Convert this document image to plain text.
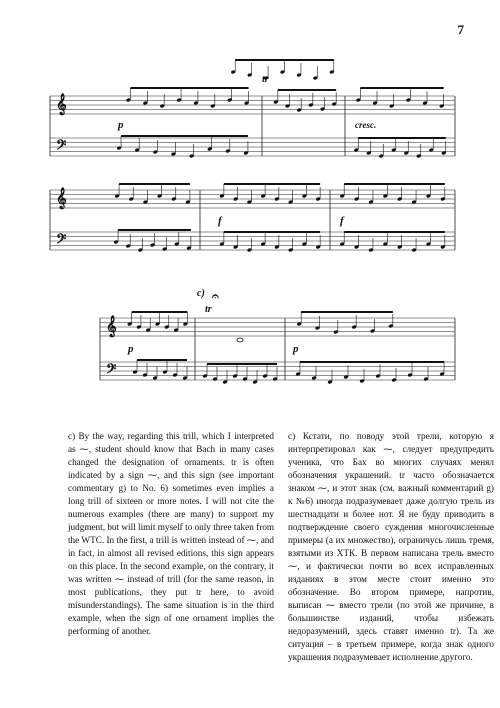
7
𝄞
𝄢
p	cresc.
tr
𝄞
𝄢
f	f
c)
𝄞
𝄢
tr
𝄐
p	p

c) By the way, regarding this trill, which I interpreted as ⁓, student should know that Bach in many cases changed the designation of ornaments. tr is often indicated by a sign ⁓, and this sign (see important commentary g) to No. 6) sometimes even implies a long trill of sixteen or more notes. I will not cite the numerous examples (there are many) to support my judgment, but will limit myself to only three taken from the WTC. In the first, a trill is written instead of ⁓, and in fact, in almost all revised editions, this sign appears on this place. In the second example, on the contrary, it was written ⁓ instead of trill (for the same reason, in most publications, they put tr here, to avoid misunderstandings). The same situation is in the third example, when the sign of one ornament implies the performing of another.

c) Кстати, по поводу этой трели, которую я интерпретировал как ⁓, следует предупредить ученика, что Бах во многих случаях менял обозначения украшений. tr часто обозначается знаком ⁓, и этот знак (см. важный комментарий g) к №6) иногда подразумевает даже долгую трель из шестнадцати и более нот. Я не буду приводить в подтверждение своего суждения многочисленные примеры (а их множество), ограничусь лишь тремя, взятыми из ХТК. В первом написана трель вместо ⁓, и фактически почти во всех исправленных изданиях в этом месте стоит именно это обозначение. Во втором примере, напротив, выписан ⁓ вместо трели (по этой же причине, в большинстве изданий, чтобы избежать недоразумений, здесь ставят именно tr). Та же ситуация – в третьем примере, когда знак одного украшения подразумевает исполнение другого.
